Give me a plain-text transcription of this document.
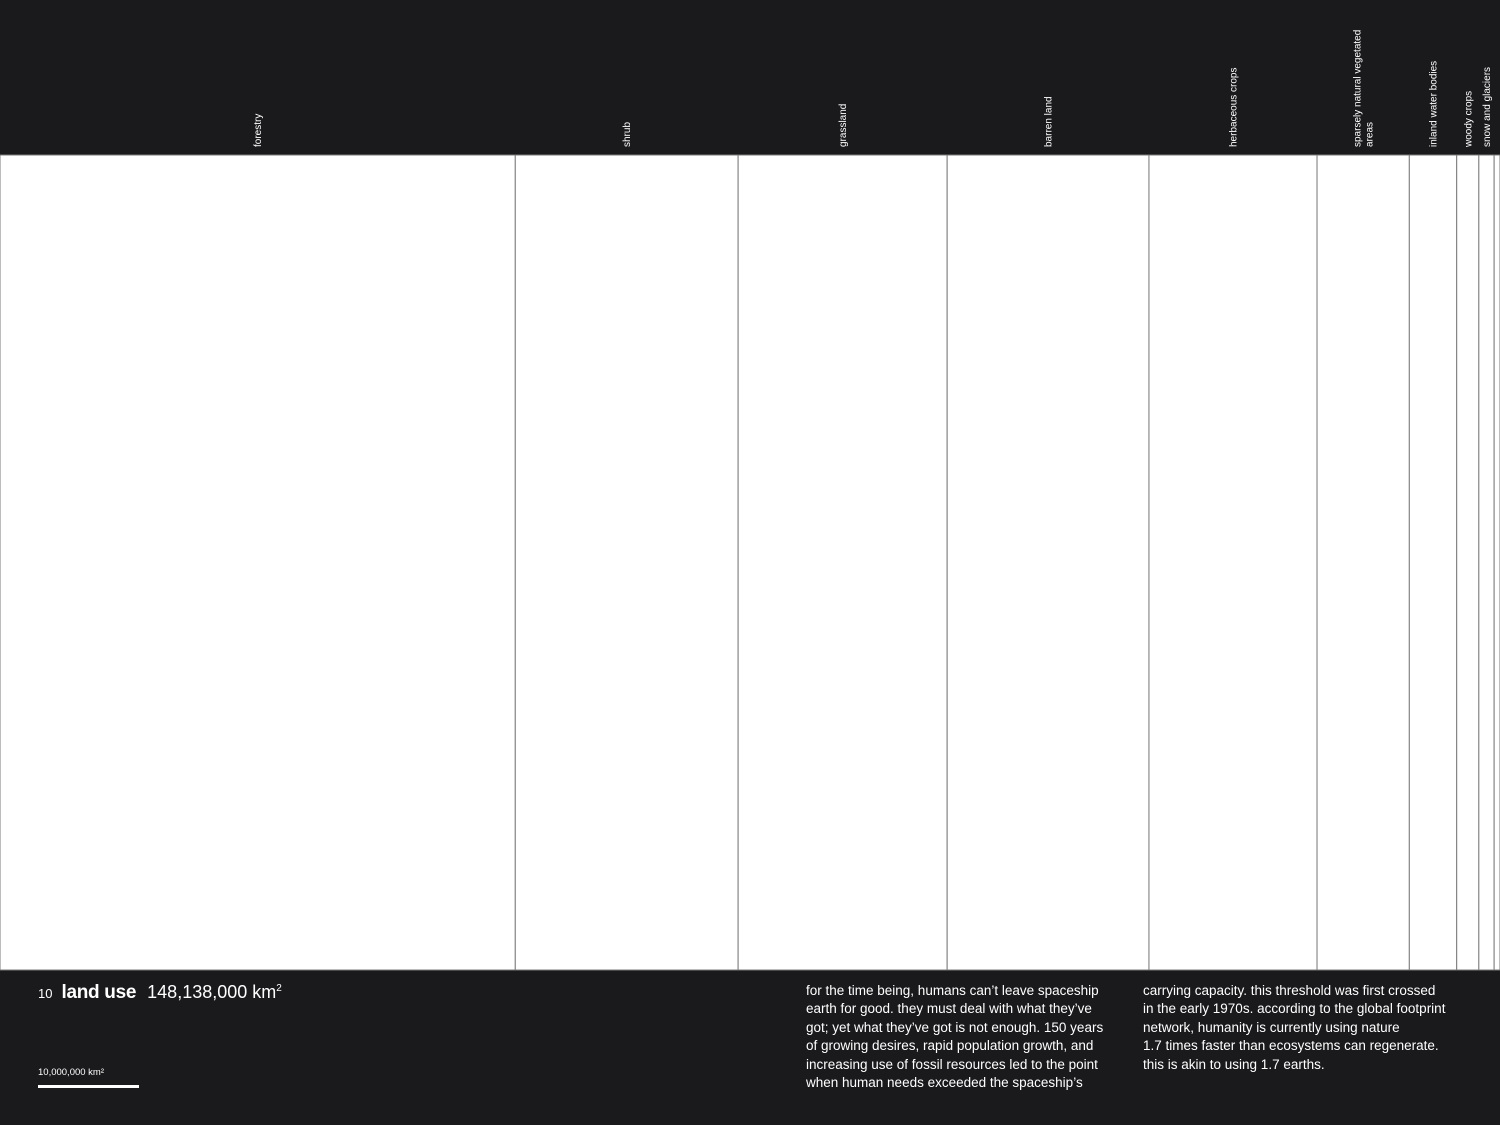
forestry	shrub	grassland	barren land	herbaceous crops	sparsely natural vegetatedareas	inland water bodies woody crops snow and glaciers
10 land use 148,138,000 $km^2$
10,000,000 km²

for the time being, humans can’t leave spaceship
earth for good. they must deal with what they’ve
got; yet what they’ve got is not enough. 150 years
of growing desires, rapid population growth, and
increasing use of fossil resources led to the point
when human needs exceeded the spaceship’s

carrying capacity. this threshold was first crossed
in the early 1970s. according to the global footprint
network, humanity is currently using nature
1.7 times faster than ecosystems can regenerate.
this is akin to using 1.7 earths.
